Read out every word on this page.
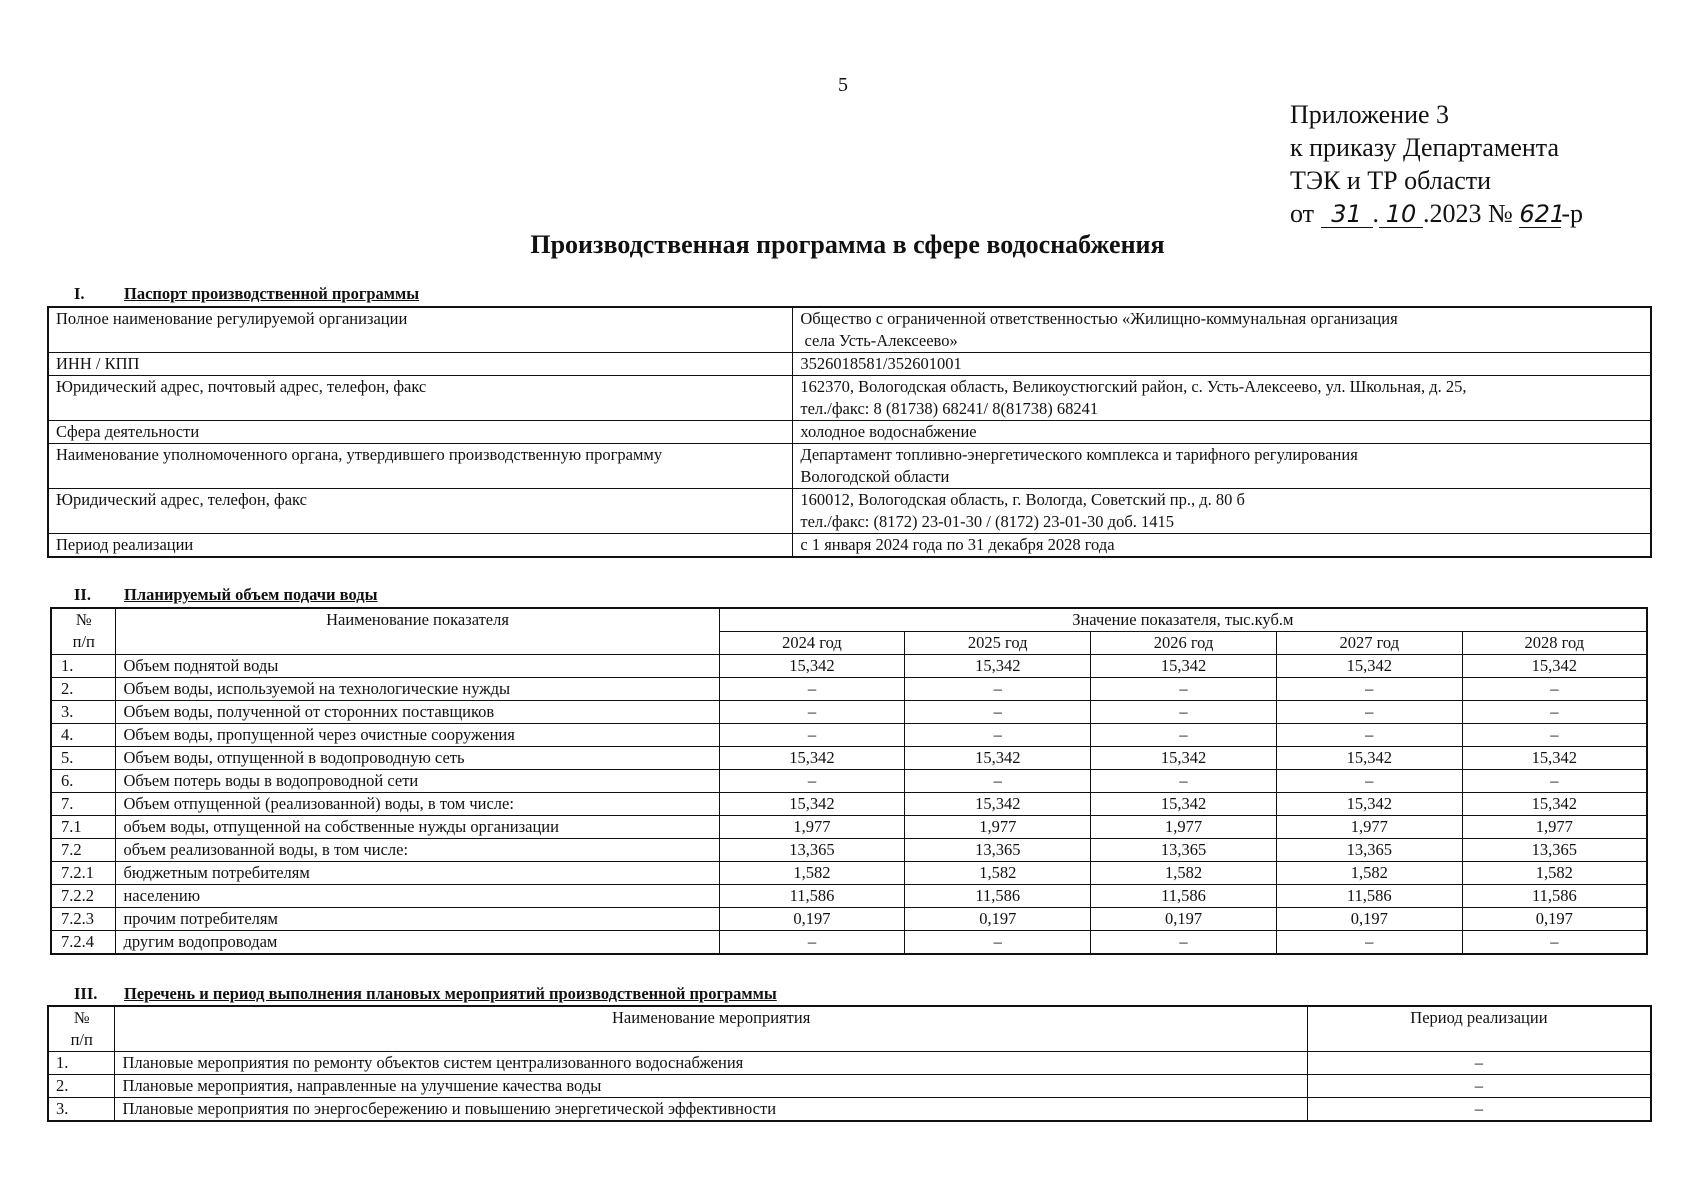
5
Приложение 3
к приказу Департамента
ТЭК и ТР области
от 31 . 10 .2023 № 621-р
Производственная программа в сфере водоснабжения
I. Паспорт производственной программы
Полное наименование регулируемой организации	Общество с ограниченной ответственностью «Жилищно-коммунальная организация
села Усть-Алексеево»

ИНН / КПП	3526018581/352601001

Юридический адрес, почтовый адрес, телефон, факс	162370, Вологодская область, Великоустюгский район, с. Усть-Алексеево, ул. Школьная, д. 25,
тел./факс: 8 (81738) 68241/ 8(81738) 68241

Сфера деятельности	холодное водоснабжение

Наименование уполномоченного органа, утвердившего производственную программу	Департамент топливно-энергетического комплекса и тарифного регулирования
Вологодской области

Юридический адрес, телефон, факс	160012, Вологодская область, г. Вологда, Советский пр., д. 80 б
тел./факс: (8172) 23-01-30 / (8172) 23-01-30 доб. 1415

Период реализации	с 1 января 2024 года по 31 декабря 2028 года
II. Планируемый объем подачи воды
№
п/п	Наименование показателя	Значение показателя, тыс.куб.м				
		2024 год	2025 год	2026 год	2027 год	2028 год
1.	Объем поднятой воды	15,342	15,342	15,342	15,342	15,342
2.	Объем воды, используемой на технологические нужды	–	–	–	–	–
3.	Объем воды, полученной от сторонних поставщиков	–	–	–	–	–
4.	Объем воды, пропущенной через очистные сооружения	–	–	–	–	–
5.	Объем воды, отпущенной в водопроводную сеть	15,342	15,342	15,342	15,342	15,342
6.	Объем потерь воды в водопроводной сети	–	–	–	–	–
7.	Объем отпущенной (реализованной) воды, в том числе:	15,342	15,342	15,342	15,342	15,342
7.1	объем воды, отпущенной на собственные нужды организации	1,977	1,977	1,977	1,977	1,977
7.2	объем реализованной воды, в том числе:	13,365	13,365	13,365	13,365	13,365
7.2.1	бюджетным потребителям	1,582	1,582	1,582	1,582	1,582
7.2.2	населению	11,586	11,586	11,586	11,586	11,586
7.2.3	прочим потребителям	0,197	0,197	0,197	0,197	0,197
7.2.4	другим водопроводам	–	–	–	–	–
III. Перечень и период выполнения плановых мероприятий производственной программы
№
п/п	Наименование мероприятия	Период реализации
1.	Плановые мероприятия по ремонту объектов систем централизованного водоснабжения	–
2.	Плановые мероприятия, направленные на улучшение качества воды	–
3.	Плановые мероприятия по энергосбережению и повышению энергетической эффективности	–
